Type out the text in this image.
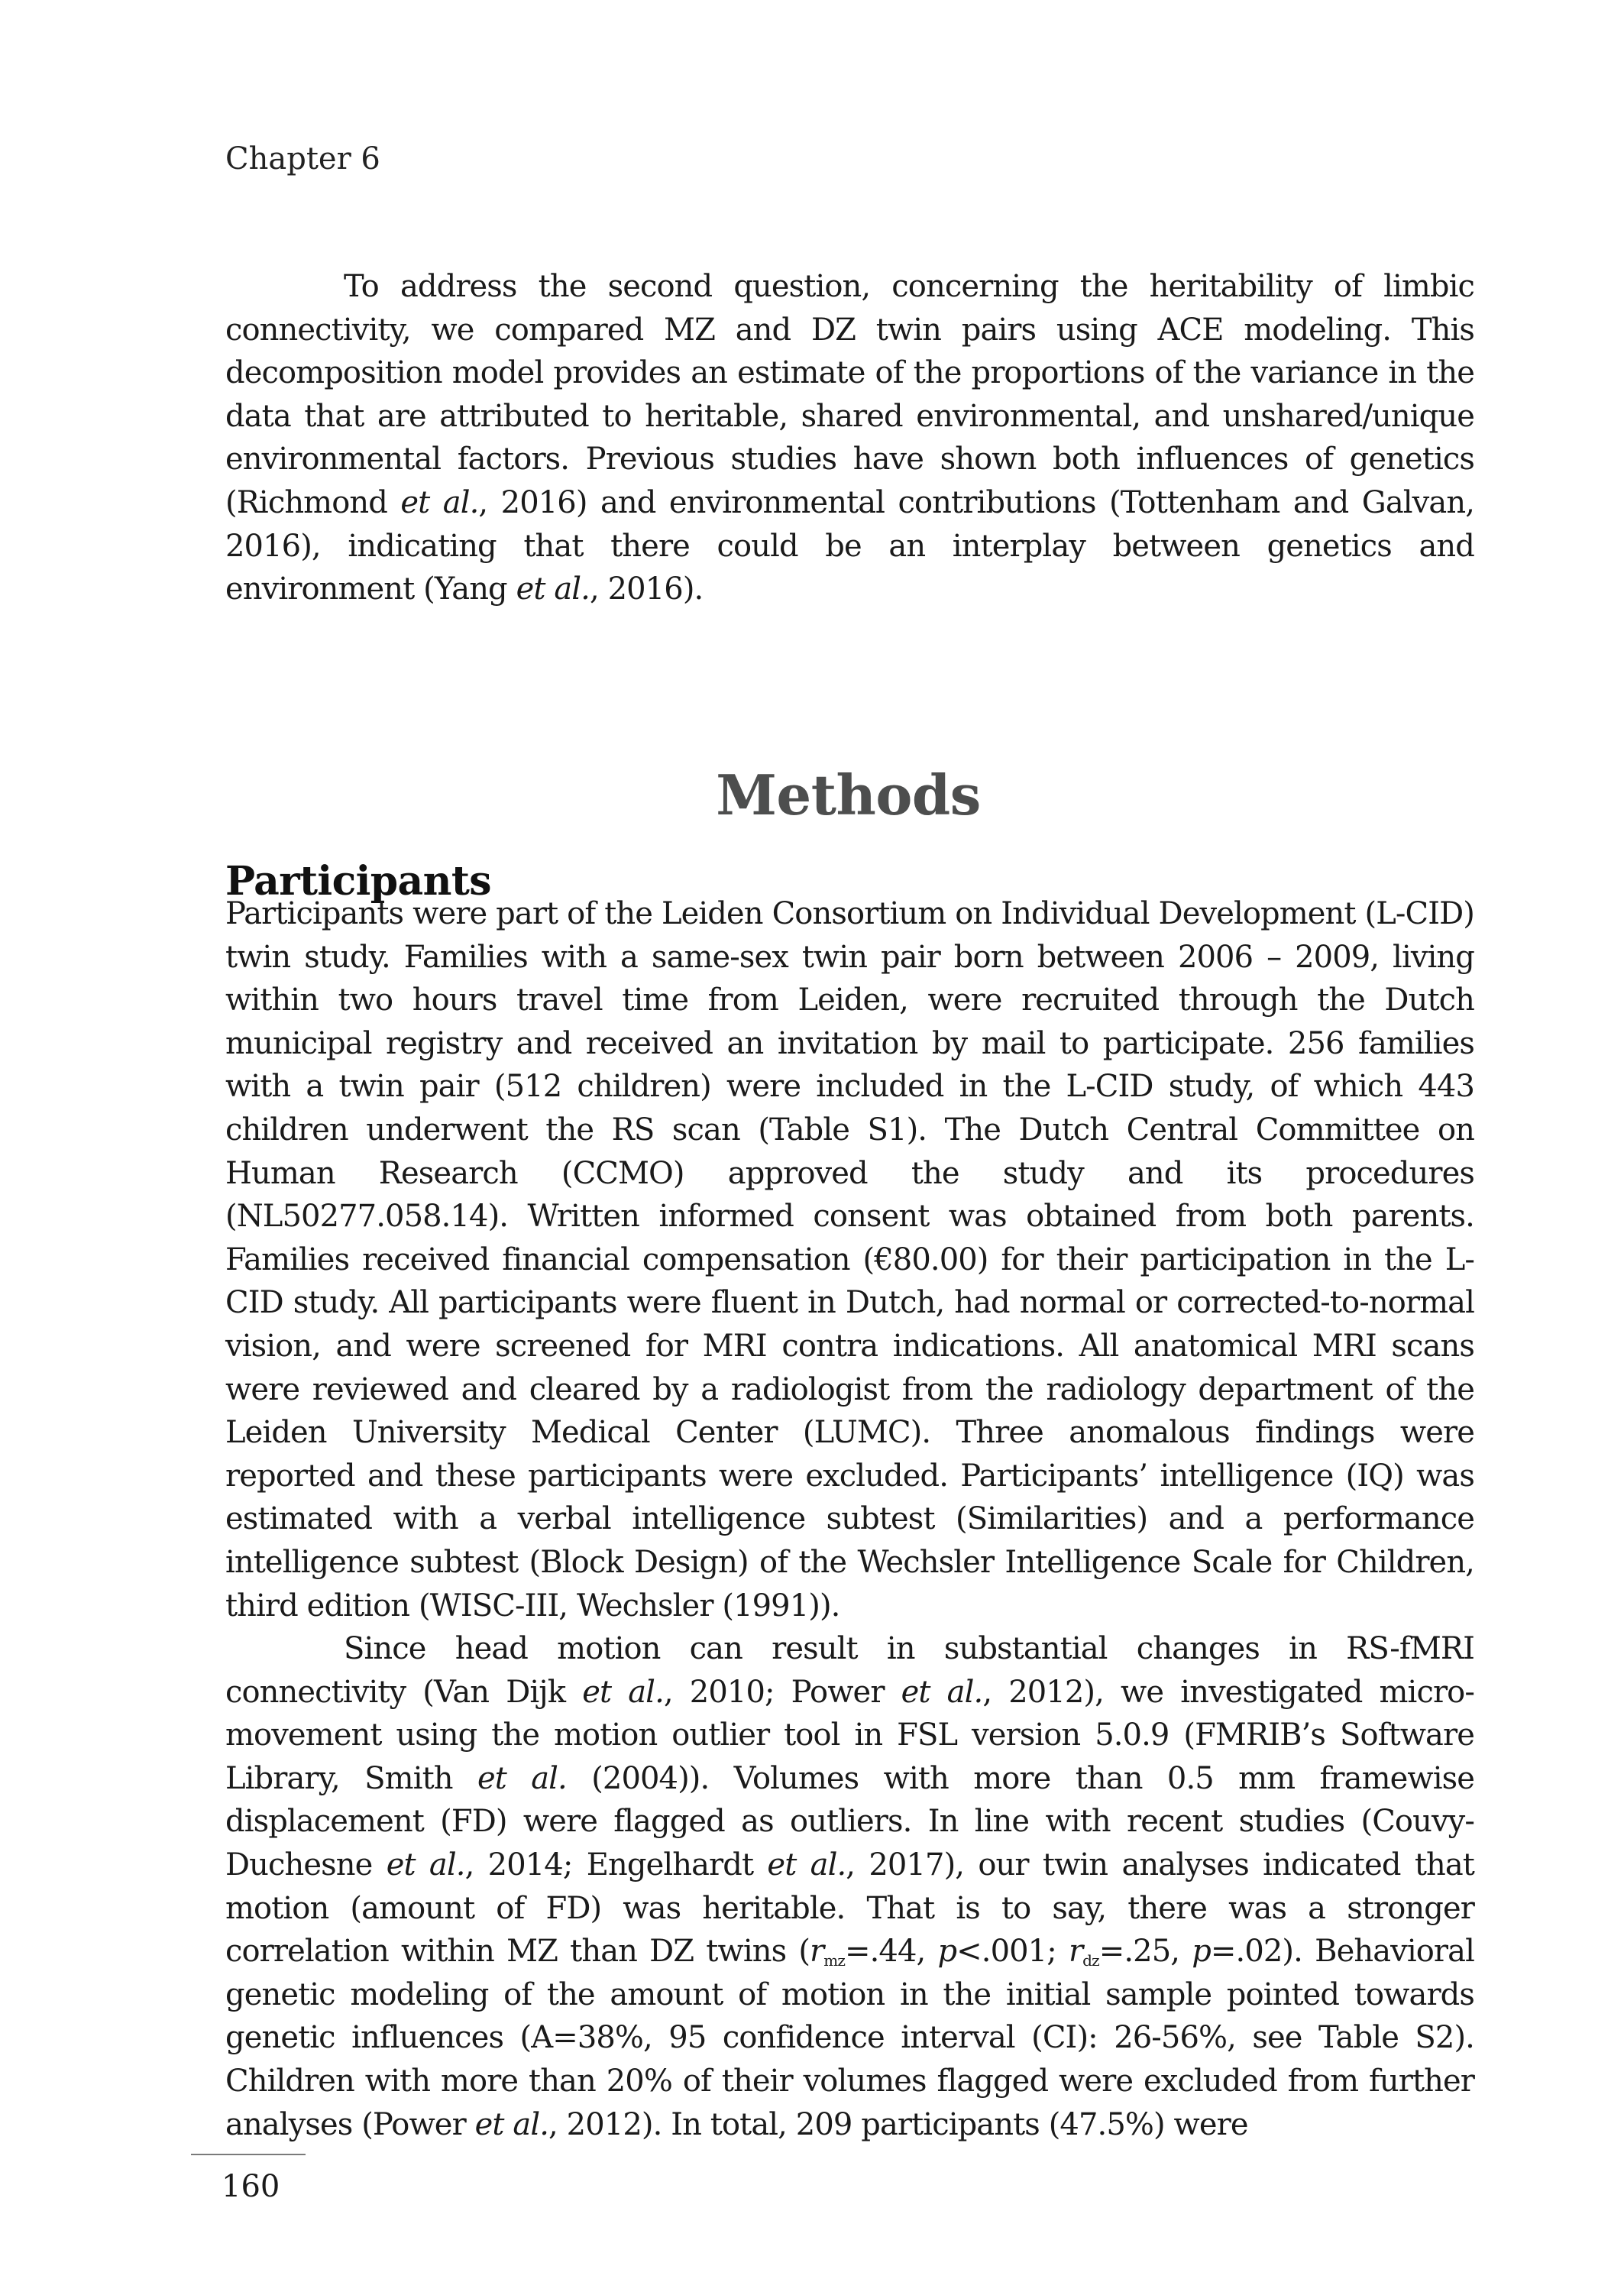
Chapter 6

To address the second question, concerning the heritability of limbic connectivity, we compared MZ and DZ twin pairs using ACE modeling. This decomposition model provides an estimate of the proportions of the variance in the data that are attributed to heritable, shared environmental, and unshared/unique environmental factors. Previous studies have shown both influences of genetics (Richmond et al., 2016) and environmental contributions (Tottenham and Galvan, 2016), indicating that there could be an interplay between genetics and environment (Yang et al., 2016).

Methods
Participants

Participants were part of the Leiden Consortium on Individual Development (L-CID) twin study. Families with a same-sex twin pair born between 2006 – 2009, living within two hours travel time from Leiden, were recruited through the Dutch municipal registry and received an invitation by mail to participate. 256 families with a twin pair (512 children) were included in the L-CID study, of which 443 children underwent the RS scan (Table S1). The Dutch Central Committee on Human Research (CCMO) approved the study and its procedures (NL50277.058.14). Written informed consent was obtained from both parents. Families received financial compensation (€80.00) for their participation in the L-CID study. All participants were fluent in Dutch, had normal or corrected-to-normal vision, and were screened for MRI contra indications. All anatomical MRI scans were reviewed and cleared by a radiologist from the radiology department of the Leiden University Medical Center (LUMC). Three anomalous findings were reported and these participants were excluded. Participants’ intelligence (IQ) was estimated with a verbal intelligence subtest (Similarities) and a performance intelligence subtest (Block Design) of the Wechsler Intelligence Scale for Children, third edition (WISC-III, Wechsler (1991)).

Since head motion can result in substantial changes in RS-fMRI connectivity (Van Dijk et al., 2010; Power et al., 2012), we investigated micro-movement using the motion outlier tool in FSL version 5.0.9 (FMRIB’s Software Library, Smith et al. (2004)). Volumes with more than 0.5 mm framewise displacement (FD) were flagged as outliers. In line with recent studies (Couvy-Duchesne et al., 2014; Engelhardt et al., 2017), our twin analyses indicated that motion (amount of FD) was heritable. That is to say, there was a stronger correlation within MZ than DZ twins ($r_{mz}=.44$, p<.001; $r_{dz}=.25$, p=.02). Behavioral genetic modeling of the amount of motion in the initial sample pointed towards genetic influences (A=38%, 95 confidence interval (CI): 26-56%, see Table S2). Children with more than 20% of their volumes flagged were excluded from further analyses (Power et al., 2012). In total, 209 participants (47.5%) were

160
